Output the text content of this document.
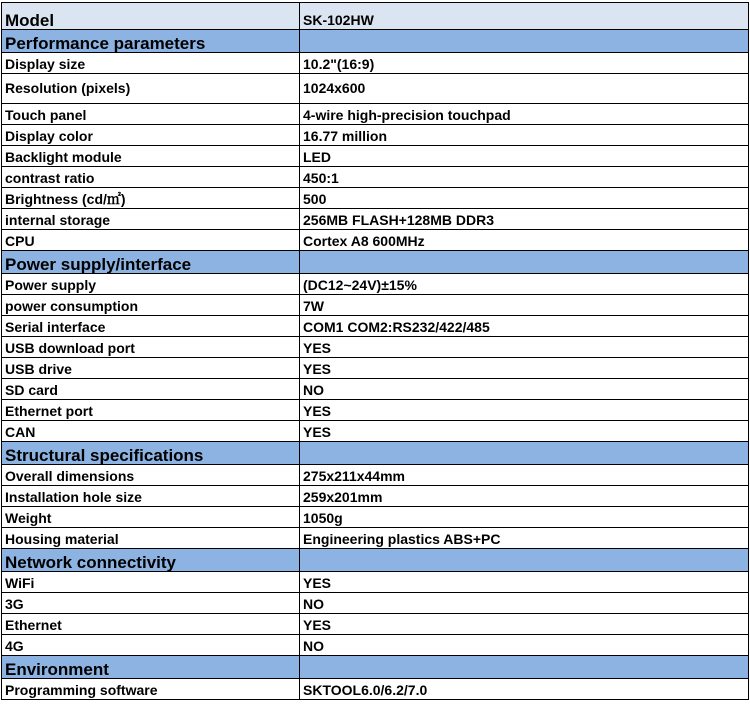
Model	SK-102HW
Performance parameters	
Display size	10.2"(16:9)
Resolution (pixels)	1024x600
Touch panel	4-wire high-precision touchpad
Display color	16.77 million
Backlight module	LED
contrast ratio	450:1
Brightness (cd/㎡)	500
internal storage	256MB FLASH+128MB DDR3
CPU	Cortex A8 600MHz
Power supply/interface	
Power supply	(DC12~24V)±15%
power consumption	7W
Serial interface	COM1 COM2:RS232/422/485
USB download port	YES
USB drive	YES
SD card	NO
Ethernet port	YES
CAN	YES
Structural specifications	
Overall dimensions	275x211x44mm
Installation hole size	259x201mm
Weight	1050g
Housing material	Engineering plastics ABS+PC
Network connectivity	
WiFi	YES
3G	NO
Ethernet	YES
4G	NO
Environment	
Programming software	SKTOOL6.0/6.2/7.0
